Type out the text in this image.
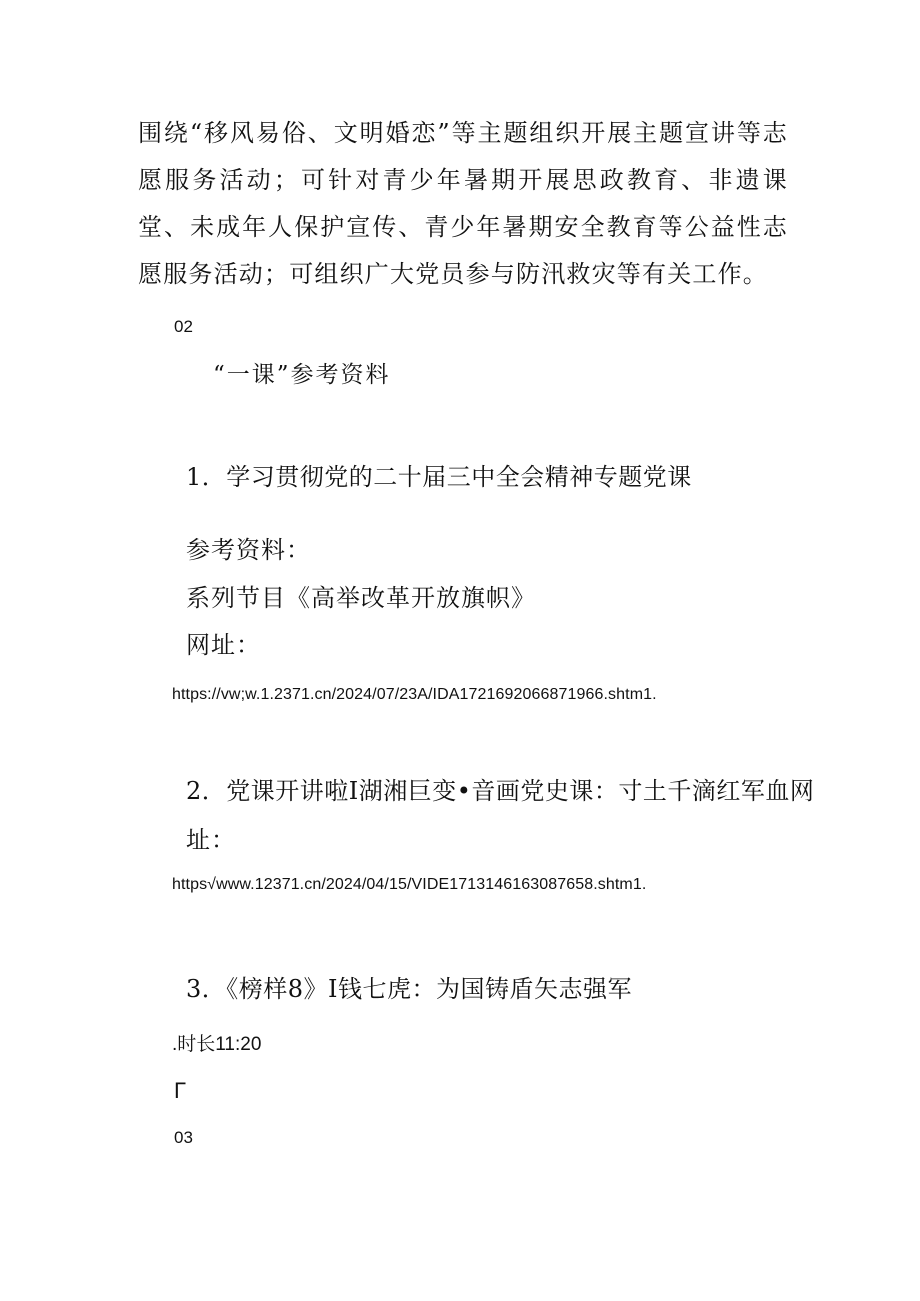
围绕“移风易俗、文明婚恋”等主题组织开展主题宣讲等志愿服务活动；可针对青少年暑期开展思政教育、非遗课堂、未成年人保护宣传、青少年暑期安全教育等公益性志愿服务活动；可组织广大党员参与防汛救灾等有关工作。

02
“一课”参考资料
1．学习贯彻党的二十届三中全会精神专题党课
参考资料：
系列节目《高举改革开放旗帜》
网址：
https://vw;w.1.2371.cn/2024/07/23A/IDA1721692066871966.shtm1.
2．党课开讲啦I湖湘巨变•音画党史课：寸土千滴红军血网
址：
https√www.12371.cn/2024/04/15/VIDE1713146163087658.shtm1.
3．《榜样8》I钱七虎：为国铸盾矢志强军
.时长11:20
Γ
03
